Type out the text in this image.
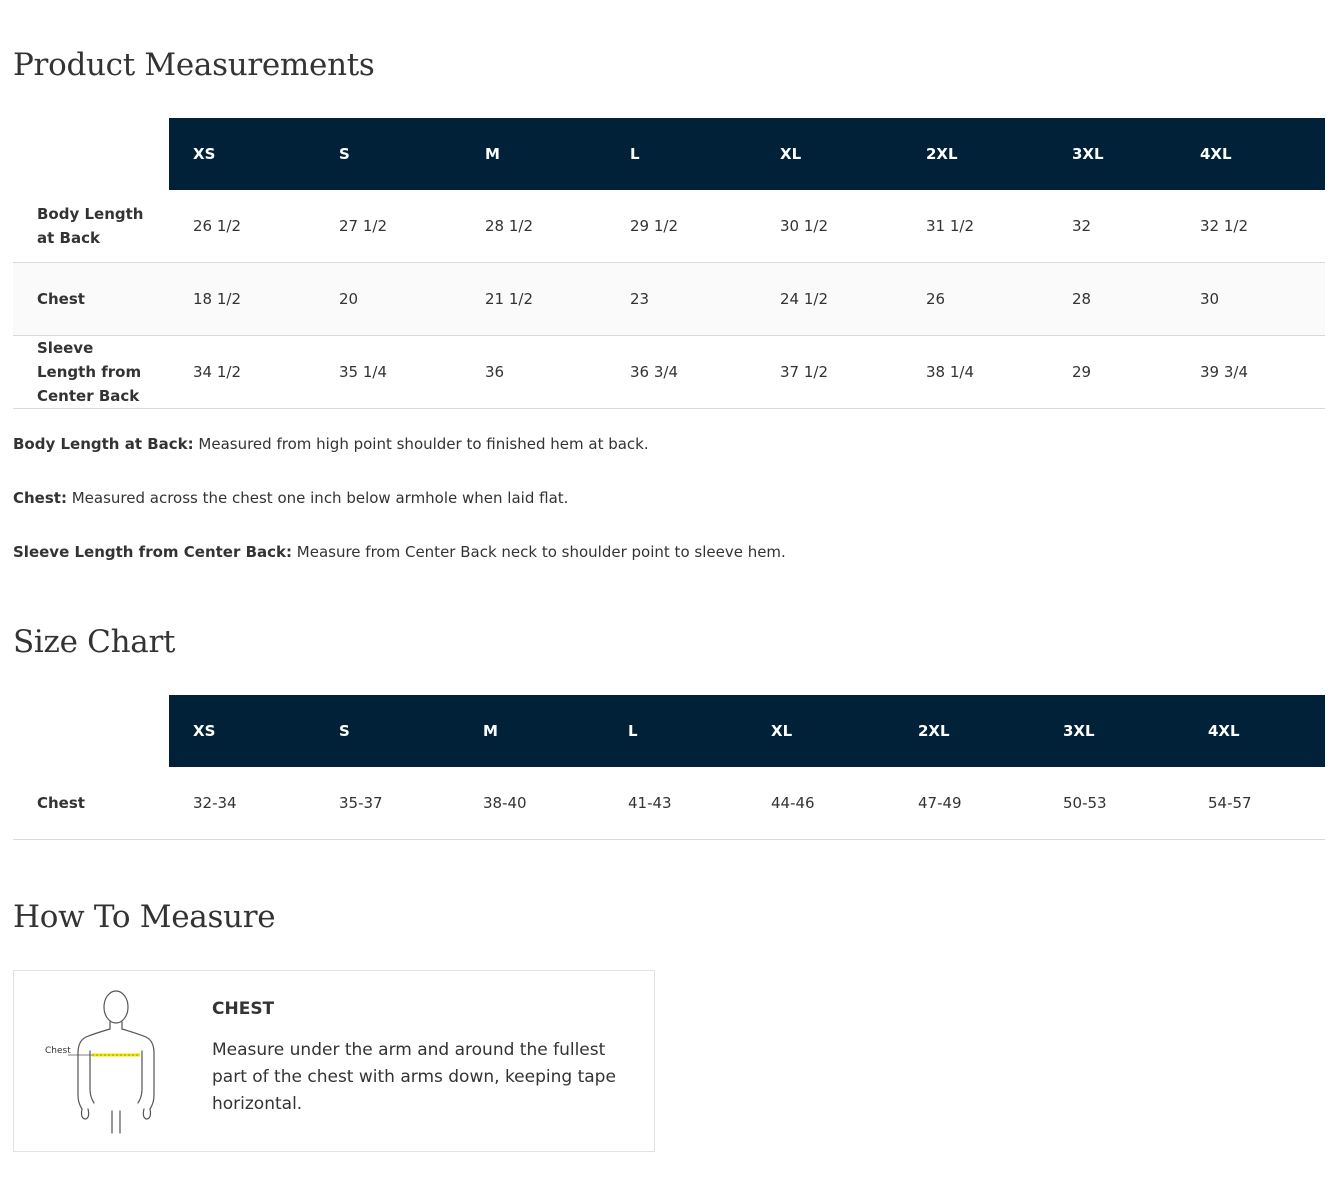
Product Measurements
	XS	S	M	L	XL	2XL	3XL	4XL
Body Length at Back	26 1/2	27 1/2	28 1/2	29 1/2	30 1/2	31 1/2	32	32 1/2
Chest	18 1/2	20	21 1/2	23	24 1/2	26	28	30
Sleeve Length from Center Back	34 1/2	35 1/4	36	36 3/4	37 1/2	38 1/4	29	39 3/4

Body Length at Back: Measured from high point shoulder to finished hem at back.

Chest: Measured across the chest one inch below armhole when laid flat.

Sleeve Length from Center Back: Measure from Center Back neck to shoulder point to sleeve hem.

Size Chart
	XS	S	M	L	XL	2XL	3XL	4XL
Chest	32-34	35-37	38-40	41-43	44-46	47-49	50-53	54-57
How To Measure
Chest

CHEST

Measure under the arm and around the fullest part of the chest with arms down, keeping tape horizontal.
